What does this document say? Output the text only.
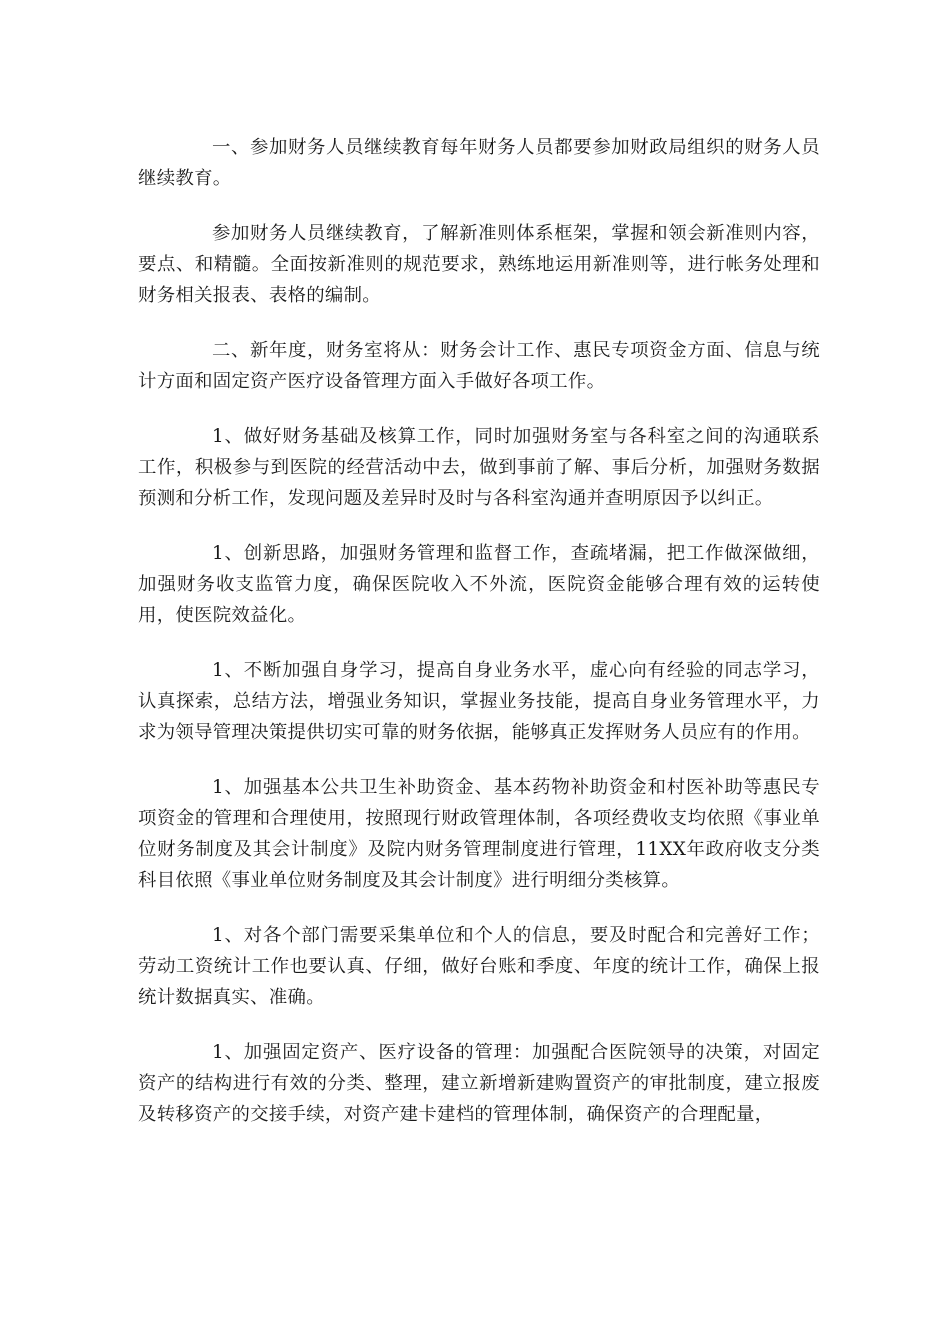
一、参加财务人员继续教育每年财务人员都要参加财政局组织的财务人员继续教育。

参加财务人员继续教育，了解新准则体系框架，掌握和领会新准则内容，要点、和精髓。全面按新准则的规范要求，熟练地运用新准则等，进行帐务处理和财务相关报表、表格的编制。

二、新年度，财务室将从：财务会计工作、惠民专项资金方面、信息与统计方面和固定资产医疗设备管理方面入手做好各项工作。

1、做好财务基础及核算工作，同时加强财务室与各科室之间的沟通联系工作，积极参与到医院的经营活动中去，做到事前了解、事后分析，加强财务数据预测和分析工作，发现问题及差异时及时与各科室沟通并查明原因予以纠正。

1、创新思路，加强财务管理和监督工作，查疏堵漏，把工作做深做细，加强财务收支监管力度，确保医院收入不外流，医院资金能够合理有效的运转使用，使医院效益化。

1、不断加强自身学习，提高自身业务水平，虚心向有经验的同志学习，认真探索，总结方法，增强业务知识，掌握业务技能，提高自身业务管理水平，力求为领导管理决策提供切实可靠的财务依据，能够真正发挥财务人员应有的作用。

1、加强基本公共卫生补助资金、基本药物补助资金和村医补助等惠民专项资金的管理和合理使用，按照现行财政管理体制，各项经费收支均依照《事业单位财务制度及其会计制度》及院内财务管理制度进行管理，11XX年政府收支分类科目依照《事业单位财务制度及其会计制度》进行明细分类核算。

1、对各个部门需要采集单位和个人的信息，要及时配合和完善好工作；劳动工资统计工作也要认真、仔细，做好台账和季度、年度的统计工作，确保上报统计数据真实、准确。

1、加强固定资产、医疗设备的管理：加强配合医院领导的决策，对固定资产的结构进行有效的分类、整理，建立新增新建购置资产的审批制度，建立报废及转移资产的交接手续，对资产建卡建档的管理体制，确保资产的合理配量，
